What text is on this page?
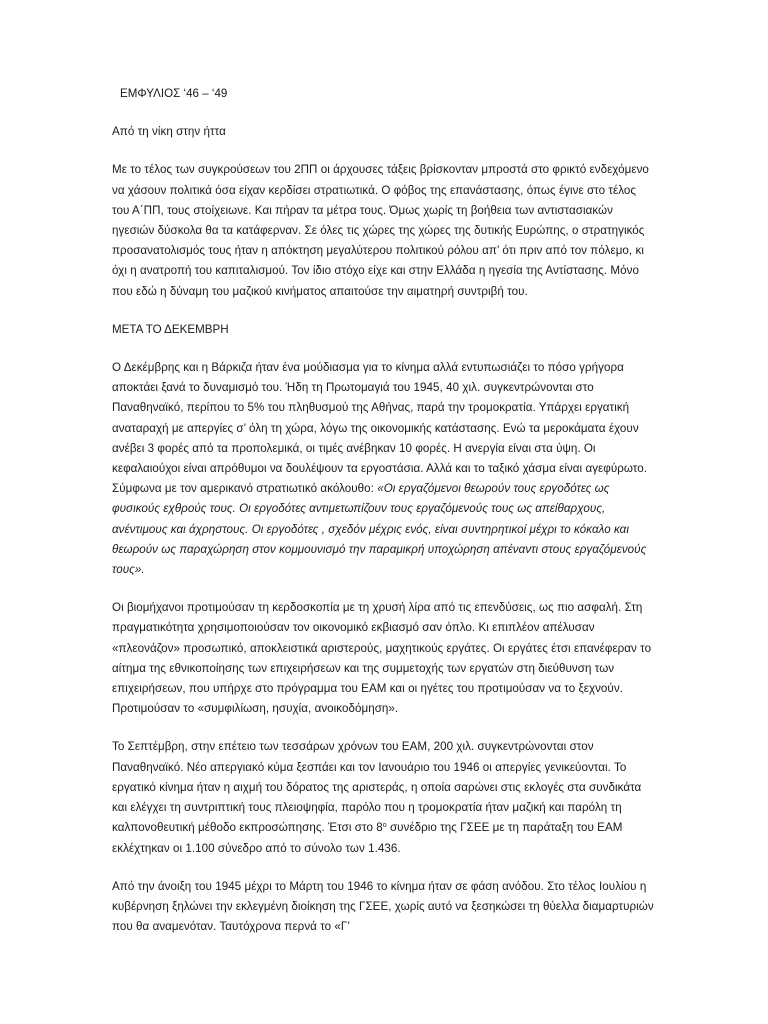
ΕΜΦΥΛΙΟΣ ‘46 – ‘49

Από τη νίκη στην ήττα

Με το τέλος των συγκρούσεων του 2ΠΠ οι άρχουσες τάξεις βρίσκονταν μπροστά στο φρικτό ενδεχόμενο να χάσουν πολιτικά όσα είχαν κερδίσει στρατιωτικά. Ο φόβος της επανάστασης, όπως έγινε στο τέλος του Α΄ΠΠ, τους στοίχειωνε. Και πήραν τα μέτρα τους. Όμως χωρίς τη βοήθεια των αντιστασιακών ηγεσιών δύσκολα θα τα κατάφερναν. Σε όλες τις χώρες της χώρες της δυτικής Ευρώπης, ο στρατηγικός προσανατολισμός τους ήταν η απόκτηση μεγαλύτερου πολιτικού ρόλου απ’ ότι πριν από τον πόλεμο, κι όχι η ανατροπή του καπιταλισμού. Τον ίδιο στόχο είχε και στην Ελλάδα η ηγεσία της Αντίστασης. Μόνο που εδώ η δύναμη του μαζικού κινήματος απαιτούσε την αιματηρή συντριβή του.

ΜΕΤΑ ΤΟ ΔΕΚΕΜΒΡΗ

Ο Δεκέμβρης και η Βάρκιζα ήταν ένα μούδιασμα για το κίνημα αλλά εντυπωσιάζει το πόσο γρήγορα αποκτάει ξανά το δυναμισμό του. Ήδη τη Πρωτομαγιά του 1945, 40 χιλ. συγκεντρώνονται στο Παναθηναϊκό, περίπου το 5% του πληθυσμού της Αθήνας, παρά την τρομοκρατία. Υπάρχει εργατική αναταραχή με απεργίες σ’ όλη τη χώρα, λόγω της οικονομικής κατάστασης. Ενώ τα μεροκάματα έχουν ανέβει 3 φορές από τα προπολεμικά, οι τιμές ανέβηκαν 10 φορές. Η ανεργία είναι στα ύψη. Οι κεφαλαιούχοι είναι απρόθυμοι να δουλέψουν τα εργοστάσια. Αλλά και το ταξικό χάσμα είναι αγεφύρωτο. Σύμφωνα με τον αμερικανό στρατιωτικό ακόλουθο: «Οι εργαζόμενοι θεωρούν τους εργοδότες ως φυσικούς εχθρούς τους. Οι εργοδότες αντιμετωπίζουν τους εργαζόμενούς τους ως απείθαρχους, ανέντιμους και άχρηστους. Οι εργοδότες , σχεδόν μέχρις ενός, είναι συντηρητικοί μέχρι το κόκαλο και θεωρούν ως παραχώρηση στον κομμουνισμό την παραμικρή υποχώρηση απέναντι στους εργαζόμενούς τους».

Οι βιομήχανοι προτιμούσαν τη κερδοσκοπία με τη χρυσή λίρα από τις επενδύσεις, ως πιο ασφαλή. Στη πραγματικότητα χρησιμοποιούσαν τον οικονομικό εκβιασμό σαν όπλο. Κι επιπλέον απέλυσαν «πλεονάζον» προσωπικό, αποκλειστικά αριστερούς, μαχητικούς εργάτες. Οι εργάτες έτσι επανέφεραν το αίτημα της εθνικοποίησης των επιχειρήσεων και της συμμετοχής των εργατών στη διεύθυνση των επιχειρήσεων, που υπήρχε στο πρόγραμμα του ΕΑΜ και οι ηγέτες του προτιμούσαν να το ξεχνούν. Προτιμούσαν το «συμφιλίωση, ησυχία, ανοικοδόμηση».

Το Σεπτέμβρη, στην επέτειο των τεσσάρων χρόνων του ΕΑΜ, 200 χιλ. συγκεντρώνονται στον Παναθηναϊκό. Νέο απεργιακό κύμα ξεσπάει και τον Ιανουάριο του 1946 οι απεργίες γενικεύονται. Το εργατικό κίνημα ήταν η αιχμή του δόρατος της αριστεράς, η οποία σαρώνει στις εκλογές στα συνδικάτα και ελέγχει τη συντριπτική τους πλειοψηφία, παρόλο που η τρομοκρατία ήταν μαζική και παρόλη τη καλπονοθευτική μέθοδο εκπροσώπησης. Έτσι στο $8^o$ συνέδριο της ΓΣΕΕ με τη παράταξη του ΕΑΜ εκλέχτηκαν οι 1.100 σύνεδρο από το σύνολο των 1.436.

Από την άνοιξη του 1945 μέχρι το Μάρτη του 1946 το κίνημα ήταν σε φάση ανόδου. Στο τέλος Ιουλίου η κυβέρνηση ξηλώνει την εκλεγμένη διοίκηση της ΓΣΕΕ, χωρίς αυτό να ξεσηκώσει τη θύελλα διαμαρτυριών που θα αναμενόταν. Ταυτόχρονα περνά το «Γ’
